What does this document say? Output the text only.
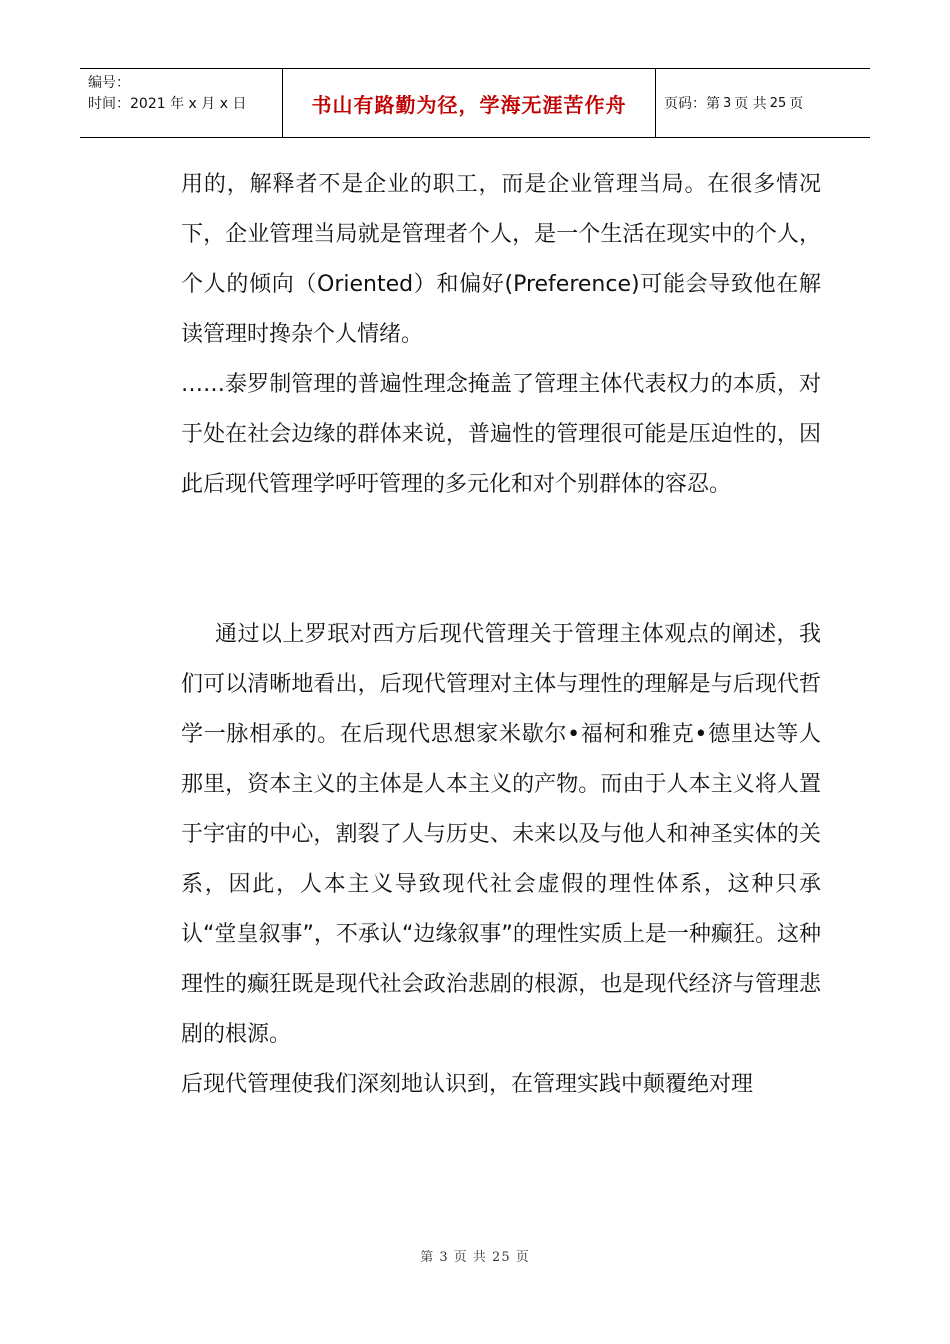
编号：
时间：2021 年 x 月 x 日	书山有路勤为径，学海无涯苦作舟	页码：第 3 页 共 25 页

用的，解释者不是企业的职工，而是企业管理当局。在很多情况下，企业管理当局就是管理者个人，是一个生活在现实中的个人，个人的倾向（Oriented）和偏好(Preference)可能会导致他在解读管理时搀杂个人情绪。

……泰罗制管理的普遍性理念掩盖了管理主体代表权力的本质，对于处在社会边缘的群体来说，普遍性的管理很可能是压迫性的，因此后现代管理学呼吁管理的多元化和对个别群体的容忍。

通过以上罗珉对西方后现代管理关于管理主体观点的阐述，我们可以清晰地看出，后现代管理对主体与理性的理解是与后现代哲学一脉相承的。在后现代思想家米歇尔•福柯和雅克•德里达等人那里，资本主义的主体是人本主义的产物。而由于人本主义将人置于宇宙的中心，割裂了人与历史、未来以及与他人和神圣实体的关系，因此，人本主义导致现代社会虚假的理性体系，这种只承认“堂皇叙事”，不承认“边缘叙事”的理性实质上是一种癫狂。这种理性的癫狂既是现代社会政治悲剧的根源，也是现代经济与管理悲剧的根源。

后现代管理使我们深刻地认识到，在管理实践中颠覆绝对理

第 3 页 共 25 页
